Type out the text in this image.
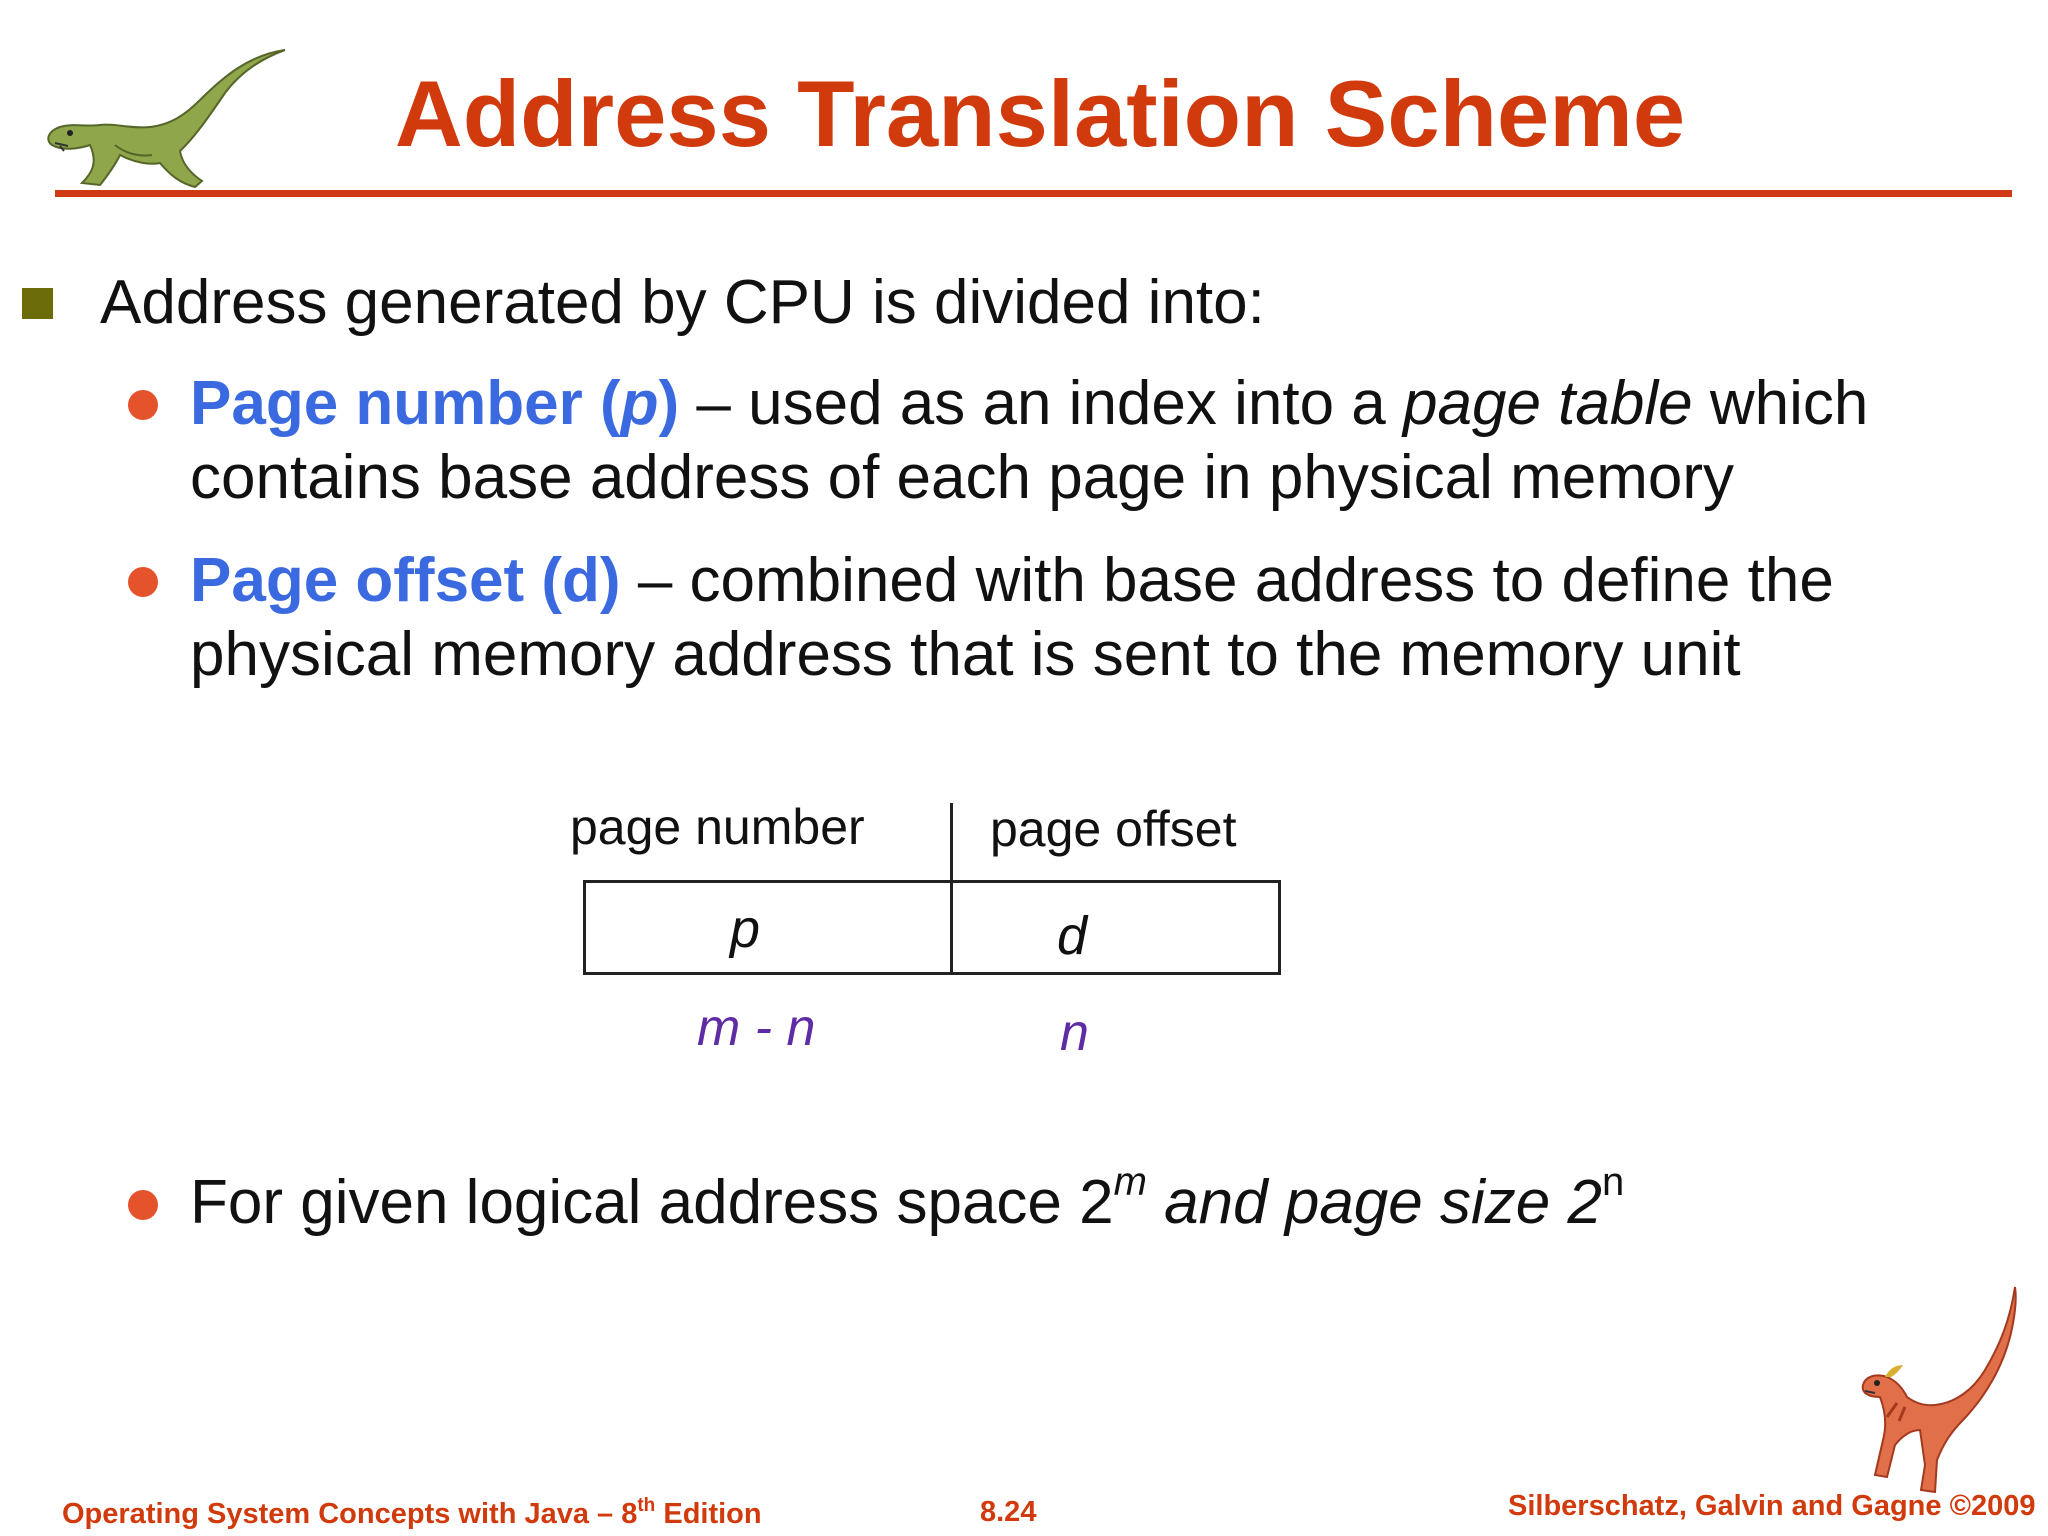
Address Translation Scheme
Address generated by CPU is divided into:
Page number (p) – used as an index into a page table which
contains base address of each page in physical memory
Page offset (d) – combined with base address to define the
physical memory address that is sent to the memory unit
page number	page offset
p	d
m - n	n
For given logical address space 2$^m$ and page size 2$^n$
Operating System Concepts with Java – 8th Edition	8.24	Silberschatz, Galvin and Gagne ©2009
